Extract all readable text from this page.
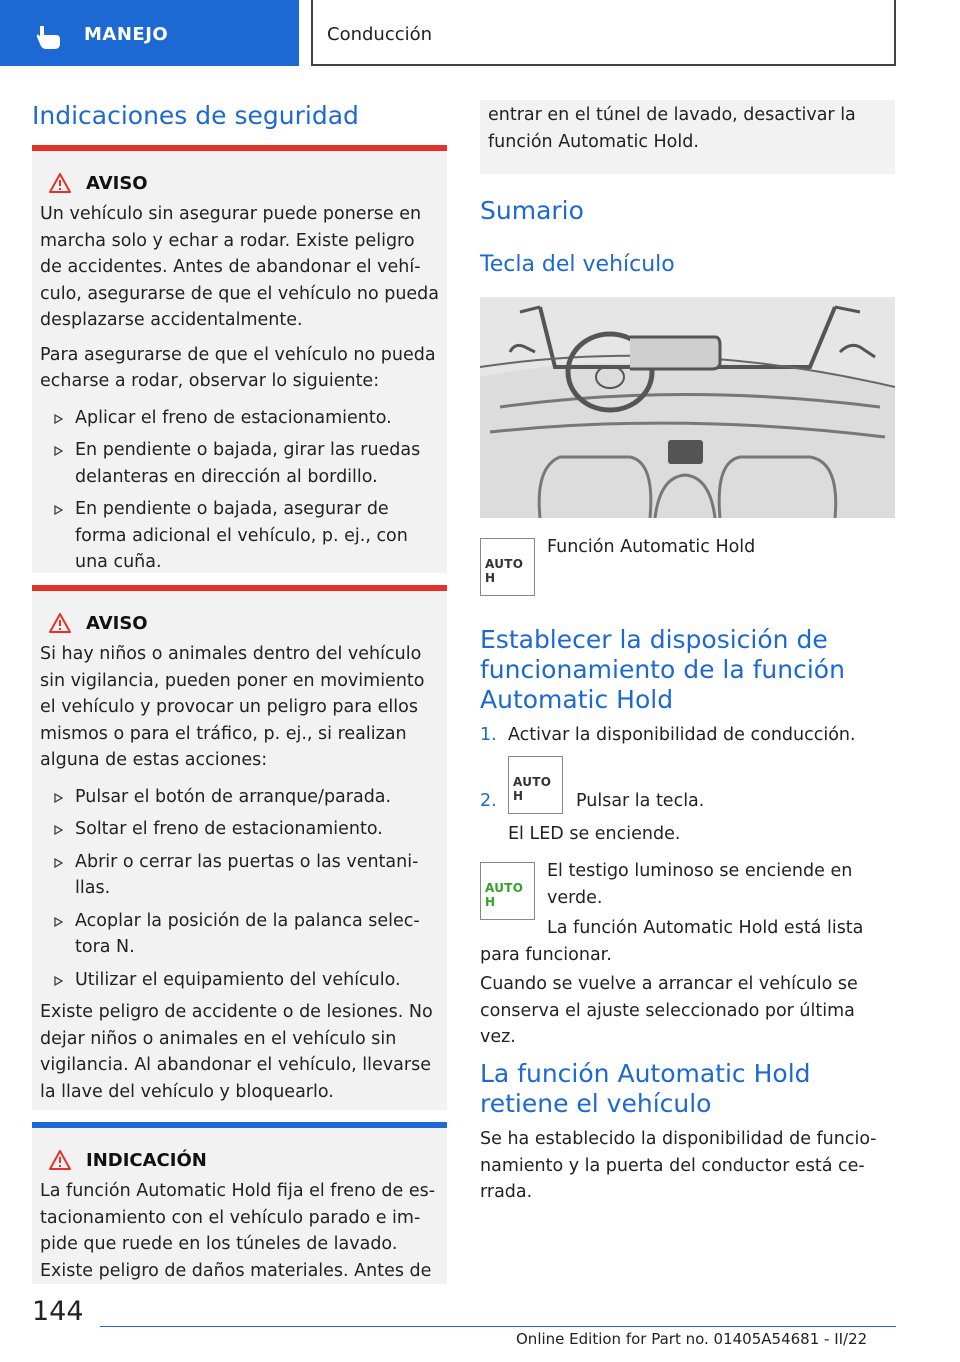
MANEJO	Conducción
Indicaciones de seguridad
AVISO

Un vehículo sin asegurar puede ponerse en marcha solo y echar a rodar. Existe peligro de accidentes. Antes de abandonar el vehículo, asegurarse de que el vehículo no pueda desplazarse accidentalmente.

Para asegurarse de que el vehículo no pueda echarse a rodar, observar lo siguiente:

Aplicar el freno de estacionamiento.
En pendiente o bajada, girar las ruedas delanteras en dirección al bordillo.
En pendiente o bajada, asegurar de forma adicional el vehículo, p. ej., con una cuña.
AVISO

Si hay niños o animales dentro del vehículo sin vigilancia, pueden poner en movimiento el vehículo y provocar un peligro para ellos mismos o para el tráfico, p. ej., si realizan alguna de estas acciones:

Pulsar el botón de arranque/parada.
Soltar el freno de estacionamiento.
Abrir o cerrar las puertas o las ventanillas.
Acoplar la posición de la palanca selectora N.
Utilizar el equipamiento del vehículo.

Existe peligro de accidente o de lesiones. No dejar niños o animales en el vehículo sin vigilancia. Al abandonar el vehículo, llevarse la llave del vehículo y bloquearlo.

INDICACIÓN

La función Automatic Hold fija el freno de estacionamiento con el vehículo parado e impide que ruede en los túneles de lavado. Existe peligro de daños materiales. Antes de

entrar en el túnel de lavado, desactivar la función Automatic Hold.
Sumario
Tecla del vehículo
AUTO H
Función Automatic Hold
Establecer la disposición de funcionamiento de la función Automatic Hold
1. Activar la disponibilidad de conducción.
2.
AUTO H	Pulsar la tecla.
El LED se enciende.
AUTO H
El testigo luminoso se enciende en verde.
La función Automatic Hold está lista para funcionar.
Cuando se vuelve a arrancar el vehículo se conserva el ajuste seleccionado por última vez.
La función Automatic Hold retiene el vehículo
Se ha establecido la disponibilidad de funcionamiento y la puerta del conductor está cerrada.
144
Online Edition for Part no. 01405A54681 - II/22
